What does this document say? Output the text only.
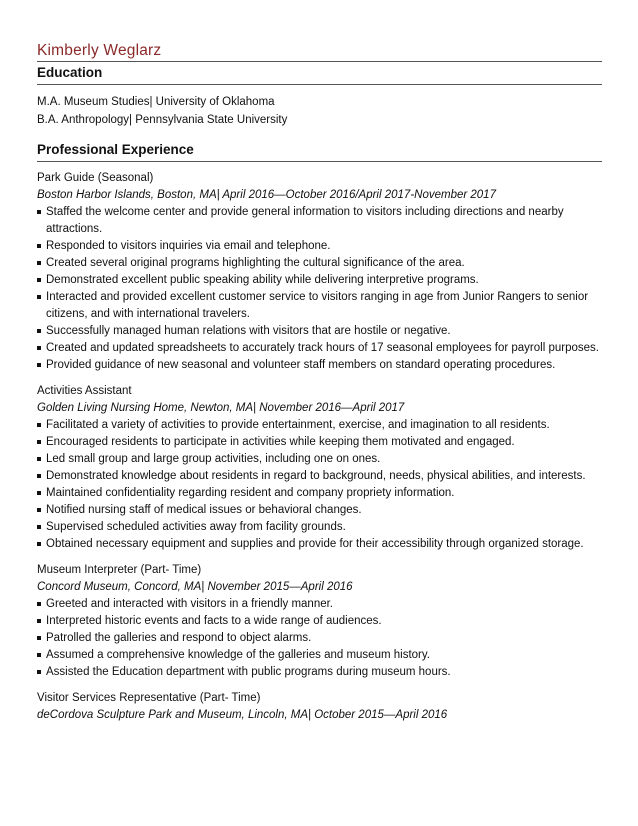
Kimberly Weglarz
Education
M.A. Museum Studies| University of Oklahoma
B.A. Anthropology| Pennsylvania State University
Professional Experience
Park Guide (Seasonal)
Boston Harbor Islands, Boston, MA| April 2016—October 2016/April 2017-November 2017
Staffed the welcome center and provide general information to visitors including directions and nearby attractions.
Responded to visitors inquiries via email and telephone.
Created several original programs highlighting the cultural significance of the area.
Demonstrated excellent public speaking ability while delivering interpretive programs.
Interacted and provided excellent customer service to visitors ranging in age from Junior Rangers to senior citizens, and with international travelers.
Successfully managed human relations with visitors that are hostile or negative.
Created and updated spreadsheets to accurately track hours of 17 seasonal employees for payroll purposes.
Provided guidance of new seasonal and volunteer staff members on standard operating procedures.
Activities Assistant
Golden Living Nursing Home, Newton, MA| November 2016—April 2017
Facilitated a variety of activities to provide entertainment, exercise, and imagination to all residents.
Encouraged residents to participate in activities while keeping them motivated and engaged.
Led small group and large group activities, including one on ones.
Demonstrated knowledge about residents in regard to background, needs, physical abilities, and interests.
Maintained confidentiality regarding resident and company propriety information.
Notified nursing staff of medical issues or behavioral changes.
Supervised scheduled activities away from facility grounds.
Obtained necessary equipment and supplies and provide for their accessibility through organized storage.
Museum Interpreter (Part- Time)
Concord Museum, Concord, MA| November 2015—April 2016
Greeted and interacted with visitors in a friendly manner.
Interpreted historic events and facts to a wide range of audiences.
Patrolled the galleries and respond to object alarms.
Assumed a comprehensive knowledge of the galleries and museum history.
Assisted the Education department with public programs during museum hours.
Visitor Services Representative (Part- Time)
deCordova Sculpture Park and Museum, Lincoln, MA| October 2015—April 2016
